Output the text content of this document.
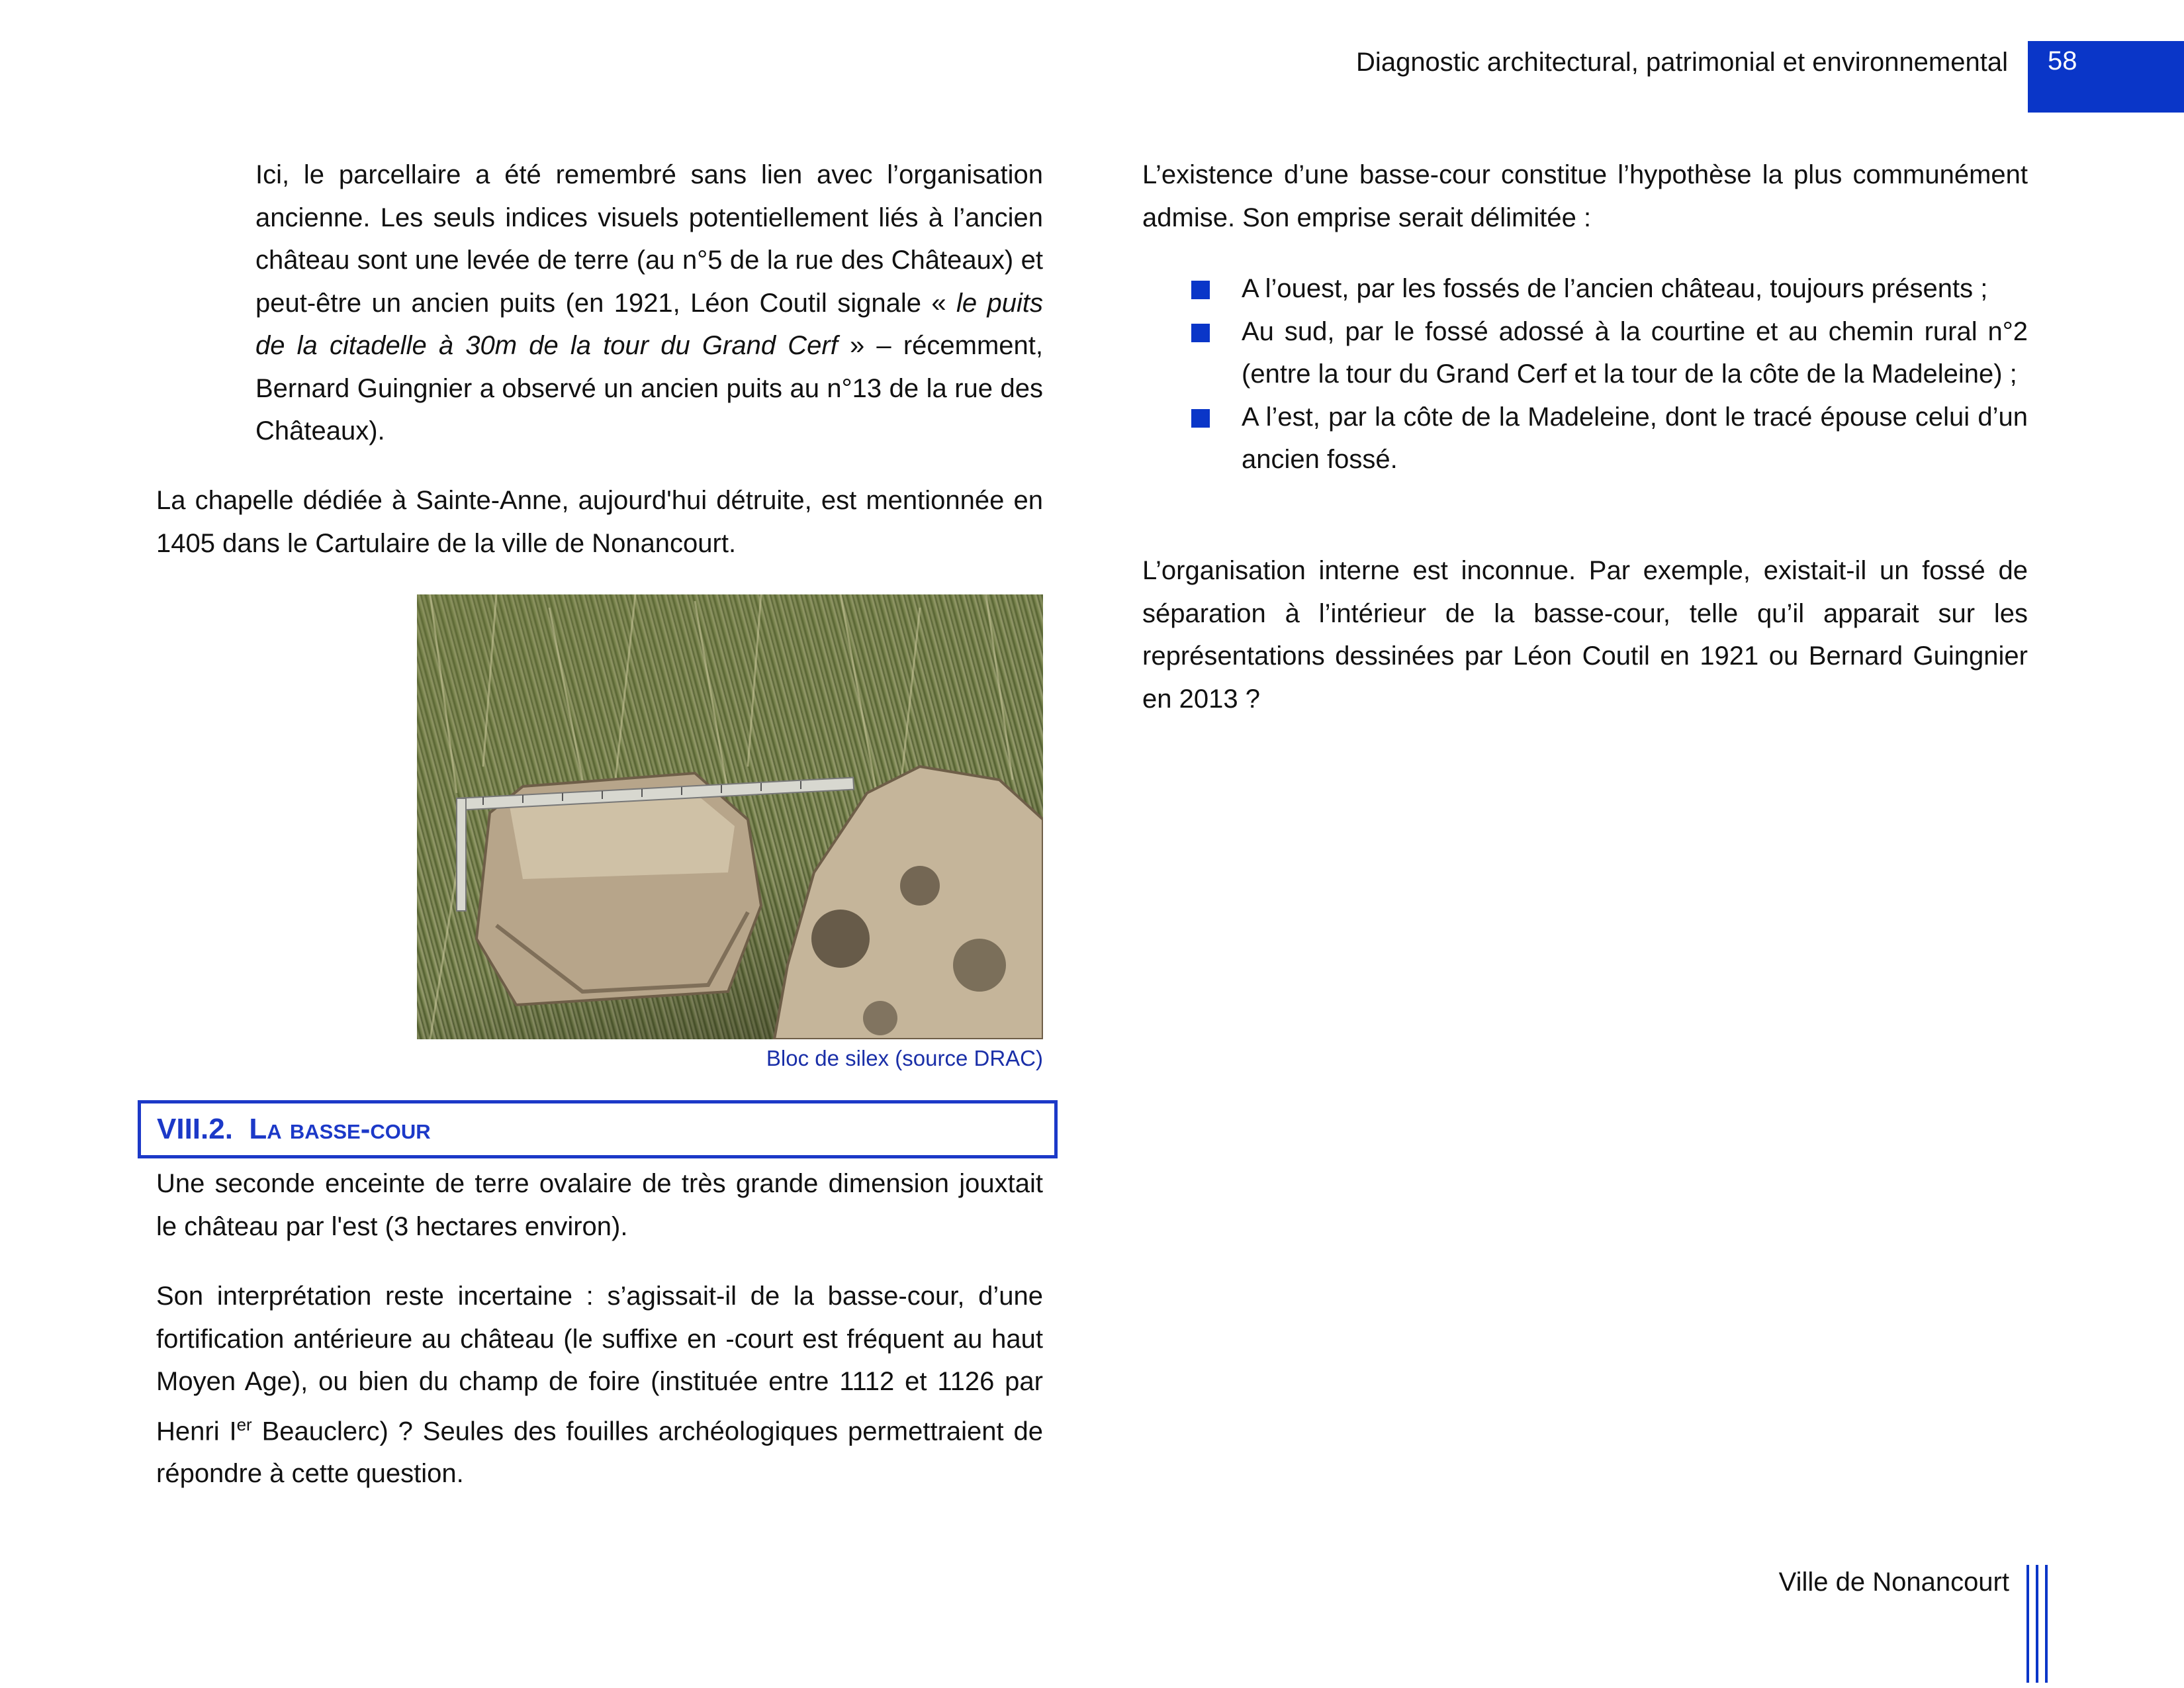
Diagnostic architectural, patrimonial et environnemental 58

Ici, le parcellaire a été remembré sans lien avec l’organisation ancienne. Les seuls indices visuels potentiellement liés à l’ancien château sont une levée de terre (au n°5 de la rue des Châteaux) et peut-être un ancien puits (en 1921, Léon Coutil signale « le puits de la citadelle à 30m de la tour du Grand Cerf » – récemment, Bernard Guingnier a observé un ancien puits au n°13 de la rue des Châteaux).

La chapelle dédiée à Sainte-Anne, aujourd'hui détruite, est mentionnée en 1405 dans le Cartulaire de la ville de Nonancourt.

Bloc de silex (source DRAC)
VIII.2. La basse-cour

Une seconde enceinte de terre ovalaire de très grande dimension jouxtait le château par l'est (3 hectares environ).

Son interprétation reste incertaine : s’agissait-il de la basse-cour, d’une fortification antérieure au château (le suffixe en -court est fréquent au haut Moyen Age), ou bien du champ de foire (instituée entre 1112 et 1126 par Henri Ier Beauclerc) ? Seules des fouilles archéologiques permettraient de répondre à cette question.

L’existence d’une basse-cour constitue l’hypothèse la plus communément admise. Son emprise serait délimitée :

A l’ouest, par les fossés de l’ancien château, toujours présents ;
Au sud, par le fossé adossé à la courtine et au chemin rural n°2 (entre la tour du Grand Cerf et la tour de la côte de la Madeleine) ;
A l’est, par la côte de la Madeleine, dont le tracé épouse celui d’un ancien fossé.

L’organisation interne est inconnue. Par exemple, existait-il un fossé de séparation à l’intérieur de la basse-cour, telle qu’il apparait sur les représentations dessinées par Léon Coutil en 1921 ou Bernard Guingnier en 2013 ?

Ville de Nonancourt
